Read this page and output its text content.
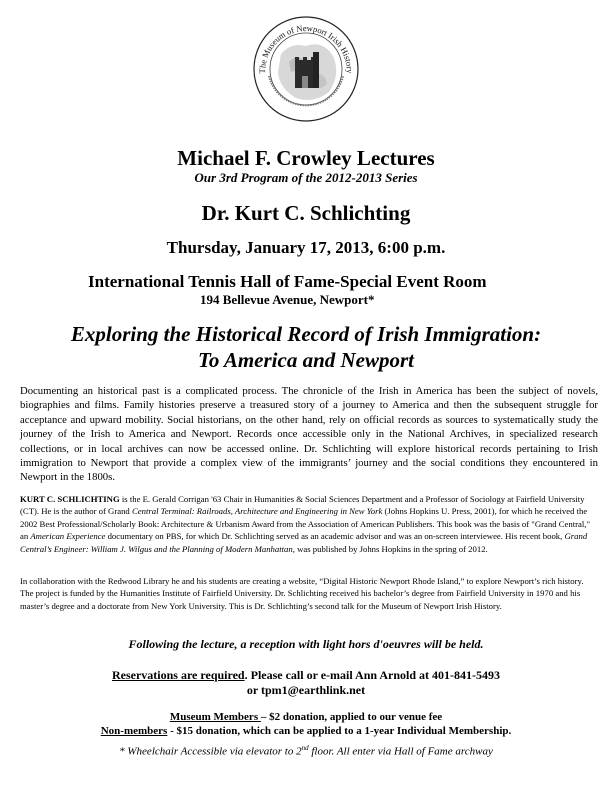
The Museum of Newport Irish History
Michael F. Crowley Lectures
Our 3rd Program of the 2012-2013 Series
Dr. Kurt C. Schlichting
Thursday, January 17, 2013, 6:00 p.m.
International Tennis Hall of Fame-Special Event Room
194 Bellevue Avenue, Newport*
Exploring the Historical Record of Irish Immigration:
To America and Newport
Documenting an historical past is a complicated process. The chronicle of the Irish in America has been the subject of novels, biographies and films. Family histories preserve a treasured story of a journey to America and then the subsequent struggle for acceptance and upward mobility. Social historians, on the other hand, rely on official records as sources to systematically study the journey of the Irish to America and Newport. Records once accessible only in the National Archives, in specialized research collections, or in local archives can now be accessed online. Dr. Schlichting will explore historical records pertaining to Irish immigration to Newport that provide a complex view of the immigrants’ journey and the social conditions they encountered in Newport in the 1800s.
KURT C. SCHLICHTING is the E. Gerald Corrigan '63 Chair in Humanities & Social Sciences Department and a Professor of Sociology at Fairfield University (CT). He is the author of Grand Central Terminal: Railroads, Architecture and Engineering in New York (Johns Hopkins U. Press, 2001), for which he received the 2002 Best Professional/Scholarly Book: Architecture & Urbanism Award from the Association of American Publishers. This book was the basis of "Grand Central," an American Experience documentary on PBS, for which Dr. Schlichting served as an academic advisor and was an on-screen interviewee. His recent book, Grand Central’s Engineer: William J. Wilgus and the Planning of Modern Manhattan, was published by Johns Hopkins in the spring of 2012.
In collaboration with the Redwood Library he and his students are creating a website, “Digital Historic Newport Rhode Island,” to explore Newport’s rich history. The project is funded by the Humanities Institute of Fairfield University. Dr. Schlichting received his bachelor’s degree from Fairfield University in 1970 and his master’s degree and a doctorate from New York University. This is Dr. Schlichting’s second talk for the Museum of Newport Irish History.
Following the lecture, a reception with light hors d'oeuvres will be held.
Reservations are required. Please call or e-mail Ann Arnold at 401-841-5493
or tpm1@earthlink.net
Museum Members – $2 donation, applied to our venue fee
Non-members - $15 donation, which can be applied to a 1-year Individual Membership.
* Wheelchair Accessible via elevator to 2nd floor. All enter via Hall of Fame archway
